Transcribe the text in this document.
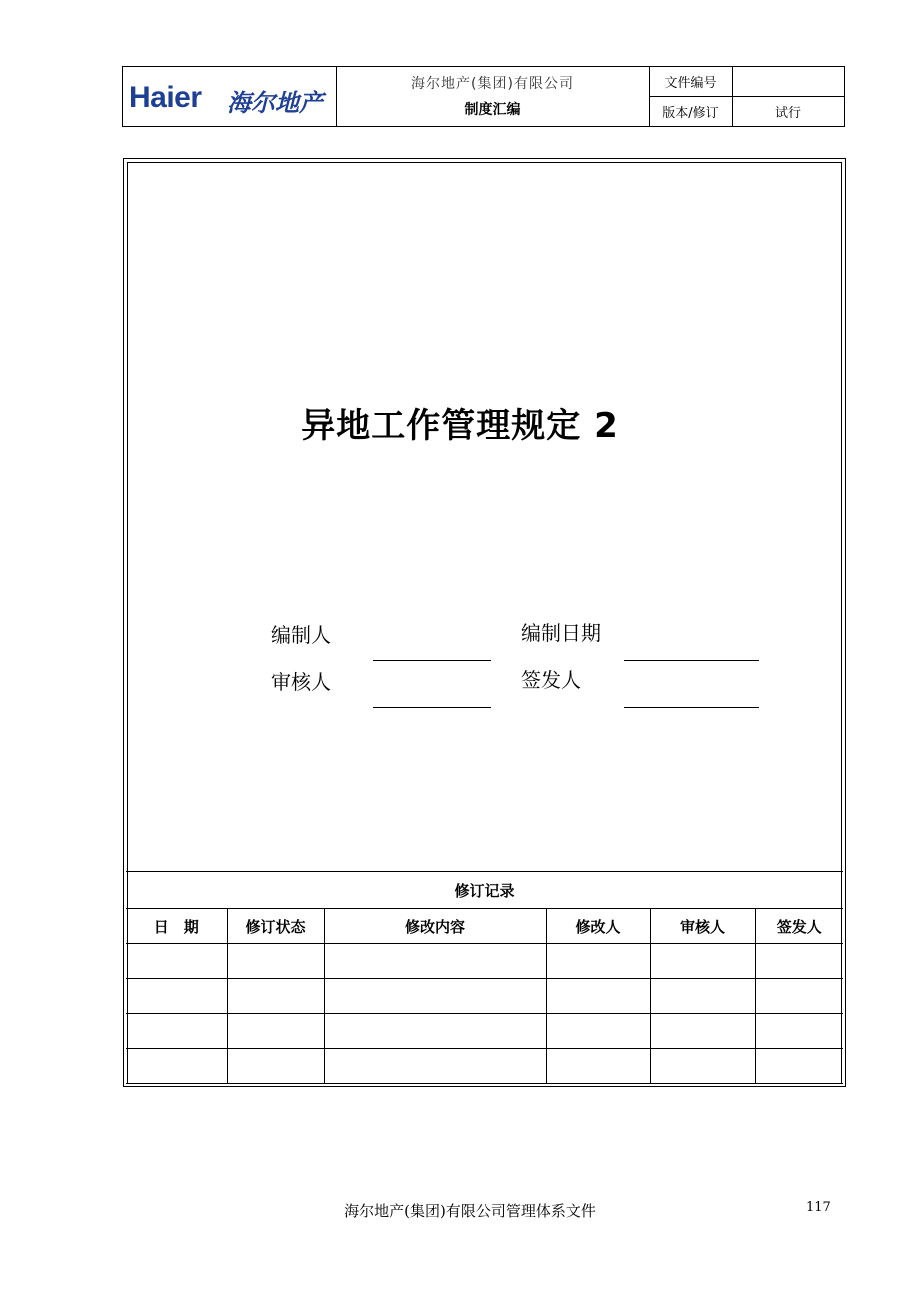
Haier 海尔地产
海尔地产(集团)有限公司
制度汇编
文件编号
版本/修订	试行
异地工作管理规定 2
编制人	编制日期
审核人	签发人
修订记录
日　期	修订状态	修改内容	修改人	审核人	签发人

海尔地产(集团)有限公司管理体系文件	117
